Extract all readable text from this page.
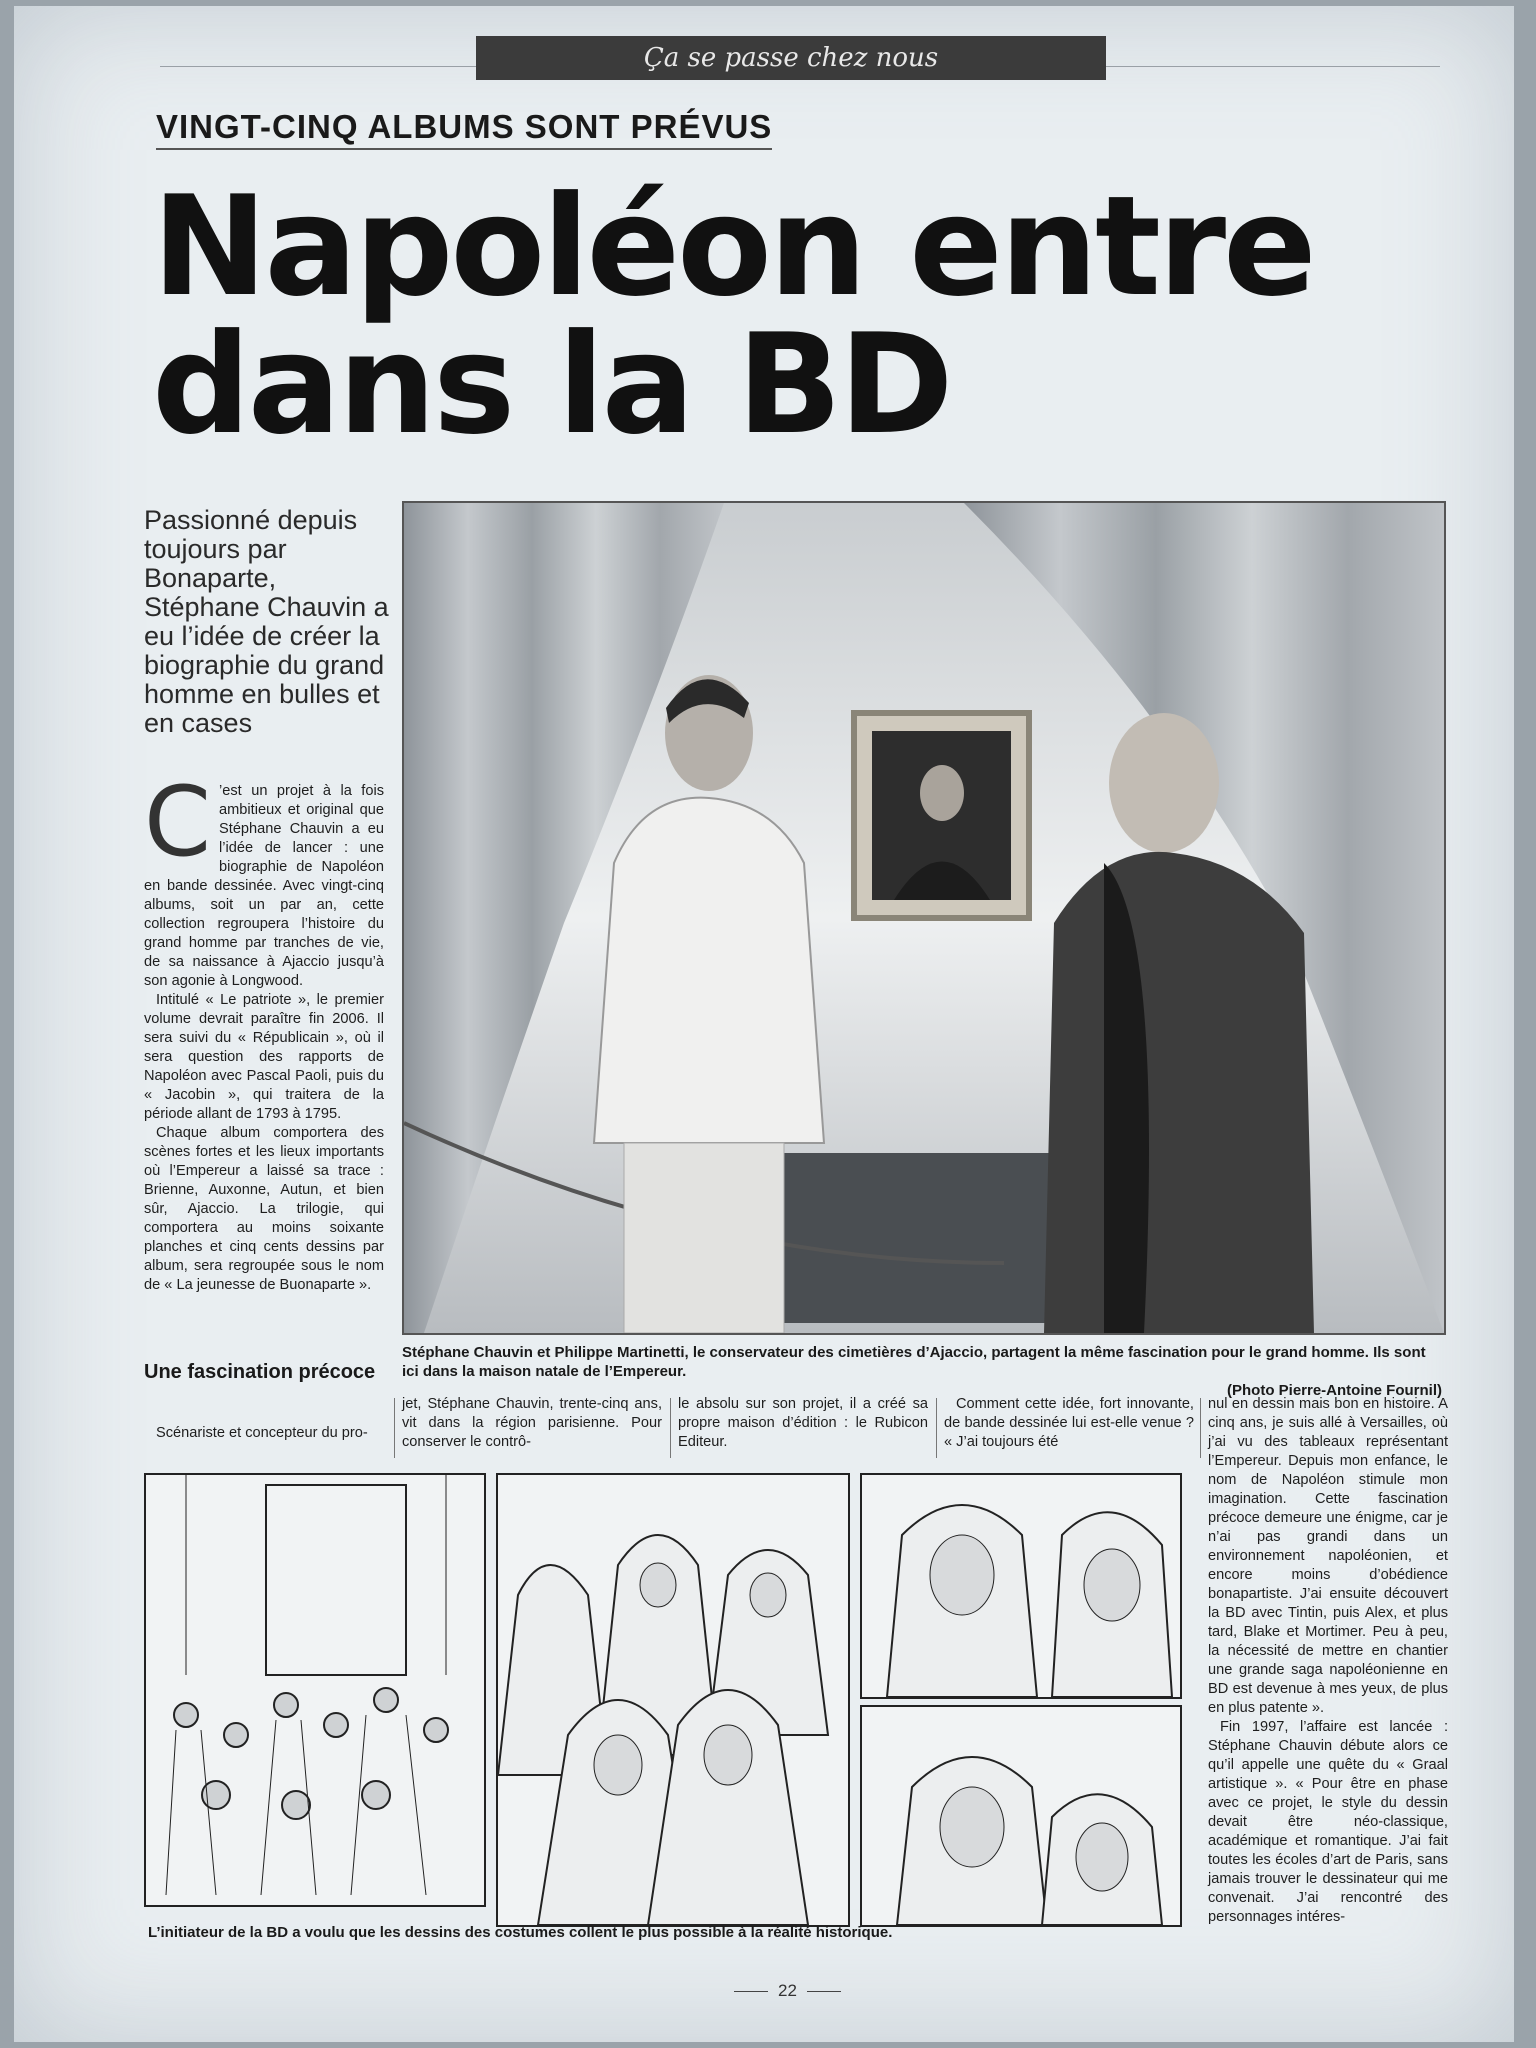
Ça se passe chez nous
VINGT-CINQ ALBUMS SONT PRÉVUS
Napoléon entre
dans la BD
Passionné depuis toujours par Bonaparte, Stéphane Chauvin a eu l’idée de créer la biographie du grand homme en bulles et en cases
C ’est un projet à la fois ambitieux et original que Stéphane Chauvin a eu l’idée de lancer : une biographie de Napoléon en bande dessinée. Avec vingt-cinq albums, soit un par an, cette collection regroupera l’histoire du grand homme par tranches de vie, de sa naissance à Ajaccio jusqu’à son agonie à Longwood.

Intitulé « Le patriote », le premier volume devrait paraître fin 2006. Il sera suivi du « Républicain », où il sera question des rapports de Napoléon avec Pascal Paoli, puis du « Jacobin », qui traitera de la période allant de 1793 à 1795.

Chaque album comportera des scènes fortes et les lieux importants où l’Empereur a laissé sa trace : Brienne, Auxonne, Autun, et bien sûr, Ajaccio. La trilogie, qui comportera au moins soixante planches et cinq cents dessins par album, sera regroupée sous le nom de « La jeunesse de Buonaparte ».

Une fascination précoce

Scénariste et concepteur du pro-

Stéphane Chauvin et Philippe Martinetti, le conservateur des cimetières d’Ajaccio, partagent la même fascination pour le grand homme. Ils sont ici dans la maison natale de l’Empereur.
(Photo Pierre-Antoine Fournil)

jet, Stéphane Chauvin, trente-cinq ans, vit dans la région parisienne. Pour conserver le contrô-

le absolu sur son projet, il a créé sa propre maison d’édition : le Rubicon Editeur.

Comment cette idée, fort innovante, de bande dessinée lui est-elle venue ? « J’ai toujours été

nul en dessin mais bon en histoire. A cinq ans, je suis allé à Versailles, où j’ai vu des tableaux représentant l’Empereur. Depuis mon enfance, le nom de Napoléon stimule mon imagination. Cette fascination précoce demeure une énigme, car je n’ai pas grandi dans un environnement napoléonien, et encore moins d’obédience bonapartiste. J’ai ensuite découvert la BD avec Tintin, puis Alex, et plus tard, Blake et Mortimer. Peu à peu, la nécessité de mettre en chantier une grande saga napoléonienne en BD est devenue à mes yeux, de plus en plus patente ».

Fin 1997, l’affaire est lancée : Stéphane Chauvin débute alors ce qu’il appelle une quête du « Graal artistique ». « Pour être en phase avec ce projet, le style du dessin devait être néo-classique, académique et romantique. J’ai fait toutes les écoles d’art de Paris, sans jamais trouver le dessinateur qui me convenait. J’ai rencontré des personnages intéres-

L’initiateur de la BD a voulu que les dessins des costumes collent le plus possible à la réalité historique.
22
